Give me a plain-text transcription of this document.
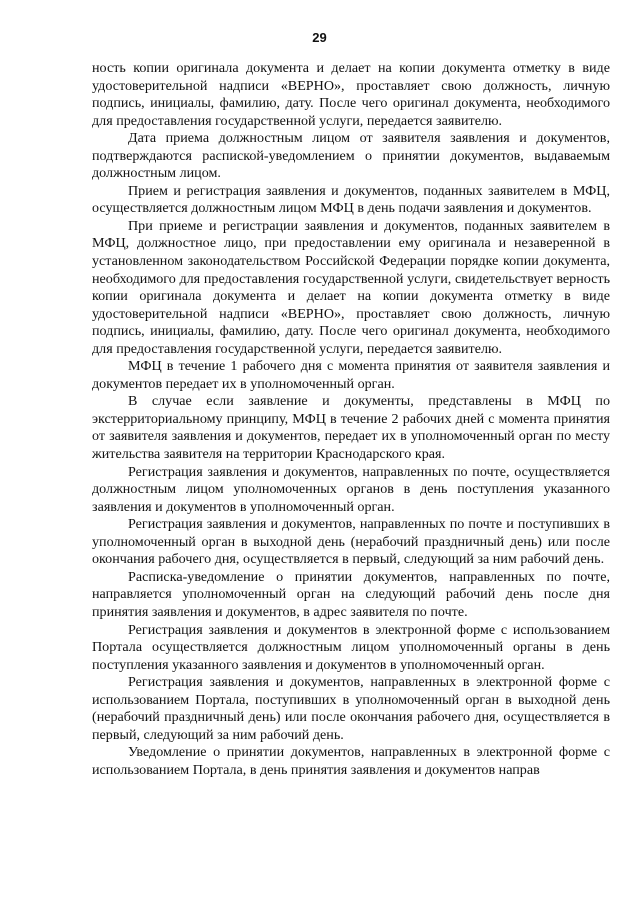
29

ность копии оригинала документа и делает на копии документа отметку в виде удостоверительной надписи «ВЕРНО», проставляет свою должность, личную подпись, инициалы, фамилию, дату. После чего оригинал документа, необходимого для предоставления государственной услуги, передается заявителю.

Дата приема должностным лицом от заявителя заявления и документов, подтверждаются распиской-уведомлением о принятии документов, выдаваемым должностным лицом.

Прием и регистрация заявления и документов, поданных заявителем в МФЦ, осуществляется должностным лицом МФЦ в день подачи заявления и документов.

При приеме и регистрации заявления и документов, поданных заявителем в МФЦ, должностное лицо, при предоставлении ему оригинала и незаверенной в установленном законодательством Российской Федерации порядке копии документа, необходимого для предоставления государственной услуги, свидетельствует верность копии оригинала документа и делает на копии документа отметку в виде удостоверительной надписи «ВЕРНО», проставляет свою должность, личную подпись, инициалы, фамилию, дату. После чего оригинал документа, необходимого для предоставления государственной услуги, передается заявителю.

МФЦ в течение 1 рабочего дня с момента принятия от заявителя заявления и документов передает их в уполномоченный орган.

В случае если заявление и документы, представлены в МФЦ по экстерриториальному принципу, МФЦ в течение 2 рабочих дней с момента принятия от заявителя заявления и документов, передает их в уполномоченный орган по месту жительства заявителя на территории Краснодарского края.

Регистрация заявления и документов, направленных по почте, осуществляется должностным лицом уполномоченных органов в день поступления указанного заявления и документов в уполномоченный орган.

Регистрация заявления и документов, направленных по почте и поступивших в уполномоченный орган в выходной день (нерабочий праздничный день) или после окончания рабочего дня, осуществляется в первый, следующий за ним рабочий день.

Расписка-уведомление о принятии документов, направленных по почте, направляется уполномоченный орган на следующий рабочий день после дня принятия заявления и документов, в адрес заявителя по почте.

Регистрация заявления и документов в электронной форме с использованием Портала осуществляется должностным лицом уполномоченный органы в день поступления указанного заявления и документов в уполномоченный орган.

Регистрация заявления и документов, направленных в электронной форме с использованием Портала, поступивших в уполномоченный орган в выходной день (нерабочий праздничный день) или после окончания рабочего дня, осуществляется в первый, следующий за ним рабочий день.

Уведомление о принятии документов, направленных в электронной форме с использованием Портала, в день принятия заявления и документов направ
